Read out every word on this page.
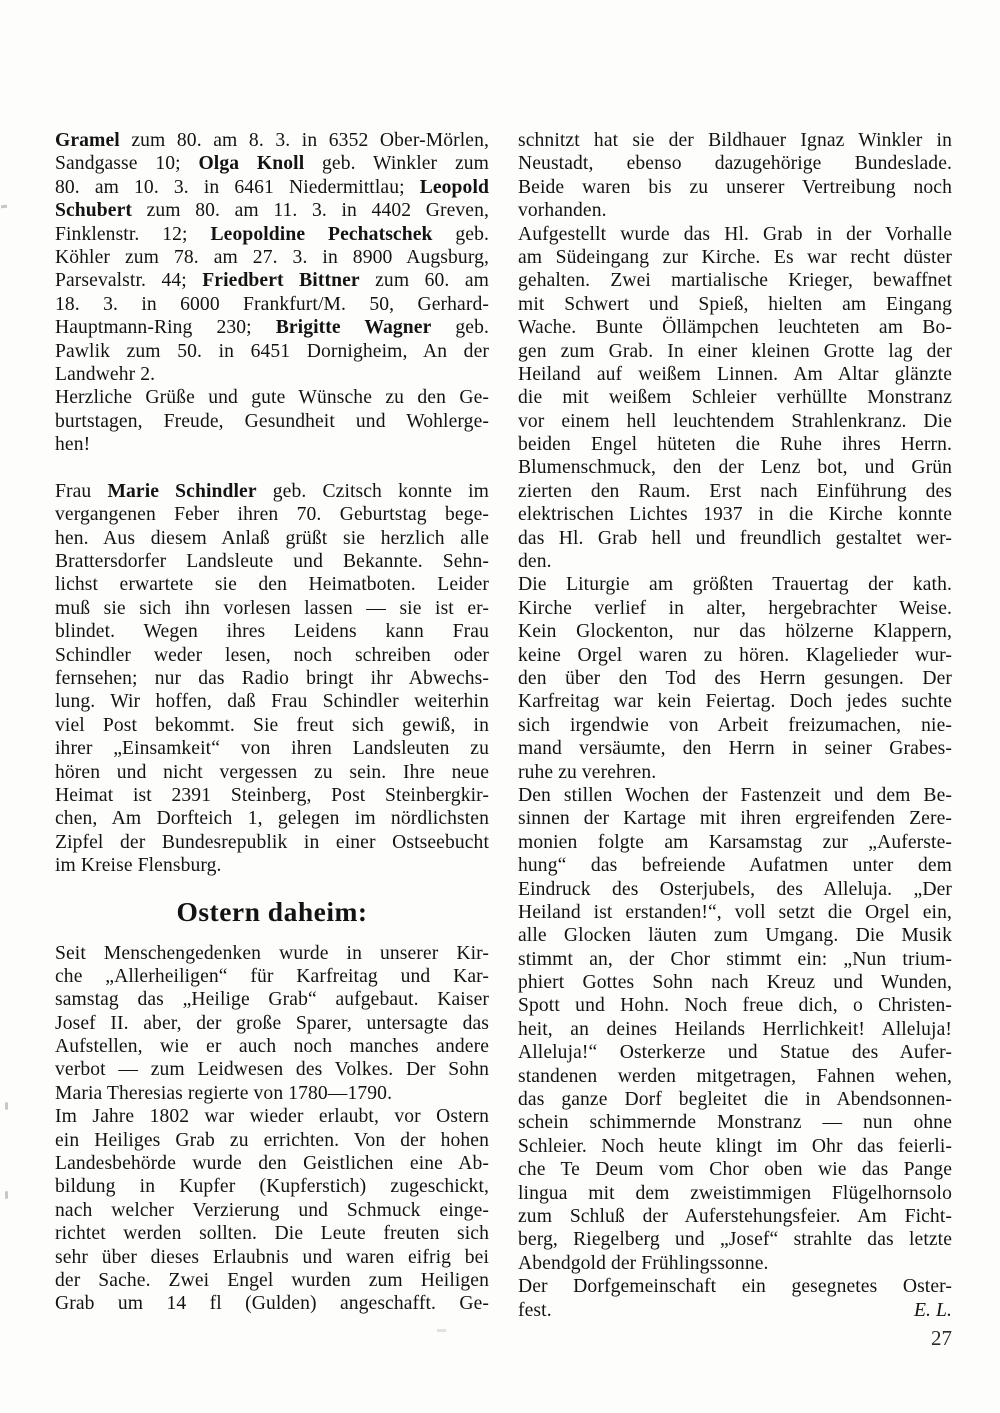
Gramel zum 80. am 8. 3. in 6352 Ober-Mörlen,
Sandgasse 10; Olga Knoll geb. Winkler zum
80. am 10. 3. in 6461 Niedermittlau; Leopold
Schubert zum 80. am 11. 3. in 4402 Greven,
Finklenstr. 12; Leopoldine Pechatschek geb.
Köhler zum 78. am 27. 3. in 8900 Augsburg,
Parsevalstr. 44; Friedbert Bittner zum 60. am
18. 3. in 6000 Frankfurt/M. 50, Gerhard-
Hauptmann-Ring 230; Brigitte Wagner geb.
Pawlik zum 50. in 6451 Dornigheim, An der
Landwehr 2.
Herzliche Grüße und gute Wünsche zu den Ge-
burtstagen, Freude, Gesundheit und Wohlerge-
hen!
Frau Marie Schindler geb. Czitsch konnte im
vergangenen Feber ihren 70. Geburtstag bege-
hen. Aus diesem Anlaß grüßt sie herzlich alle
Brattersdorfer Landsleute und Bekannte. Sehn-
lichst erwartete sie den Heimatboten. Leider
muß sie sich ihn vorlesen lassen — sie ist er-
blindet. Wegen ihres Leidens kann Frau
Schindler weder lesen, noch schreiben oder
fernsehen; nur das Radio bringt ihr Abwechs-
lung. Wir hoffen, daß Frau Schindler weiterhin
viel Post bekommt. Sie freut sich gewiß, in
ihrer „Einsamkeit“ von ihren Landsleuten zu
hören und nicht vergessen zu sein. Ihre neue
Heimat ist 2391 Steinberg, Post Steinbergkir-
chen, Am Dorfteich 1, gelegen im nördlichsten
Zipfel der Bundesrepublik in einer Ostseebucht
im Kreise Flensburg.
Ostern daheim:
Seit Menschengedenken wurde in unserer Kir-
che „Allerheiligen“ für Karfreitag und Kar-
samstag das „Heilige Grab“ aufgebaut. Kaiser
Josef II. aber, der große Sparer, untersagte das
Aufstellen, wie er auch noch manches andere
verbot — zum Leidwesen des Volkes. Der Sohn
Maria Theresias regierte von 1780—1790.
Im Jahre 1802 war wieder erlaubt, vor Ostern
ein Heiliges Grab zu errichten. Von der hohen
Landesbehörde wurde den Geistlichen eine Ab-
bildung in Kupfer (Kupferstich) zugeschickt,
nach welcher Verzierung und Schmuck einge-
richtet werden sollten. Die Leute freuten sich
sehr über dieses Erlaubnis und waren eifrig bei
der Sache. Zwei Engel wurden zum Heiligen
Grab um 14 fl (Gulden) angeschafft. Ge-
schnitzt hat sie der Bildhauer Ignaz Winkler in
Neustadt, ebenso dazugehörige Bundeslade.
Beide waren bis zu unserer Vertreibung noch
vorhanden.
Aufgestellt wurde das Hl. Grab in der Vorhalle
am Südeingang zur Kirche. Es war recht düster
gehalten. Zwei martialische Krieger, bewaffnet
mit Schwert und Spieß, hielten am Eingang
Wache. Bunte Öllämpchen leuchteten am Bo-
gen zum Grab. In einer kleinen Grotte lag der
Heiland auf weißem Linnen. Am Altar glänzte
die mit weißem Schleier verhüllte Monstranz
vor einem hell leuchtendem Strahlenkranz. Die
beiden Engel hüteten die Ruhe ihres Herrn.
Blumenschmuck, den der Lenz bot, und Grün
zierten den Raum. Erst nach Einführung des
elektrischen Lichtes 1937 in die Kirche konnte
das Hl. Grab hell und freundlich gestaltet wer-
den.
Die Liturgie am größten Trauertag der kath.
Kirche verlief in alter, hergebrachter Weise.
Kein Glockenton, nur das hölzerne Klappern,
keine Orgel waren zu hören. Klagelieder wur-
den über den Tod des Herrn gesungen. Der
Karfreitag war kein Feiertag. Doch jedes suchte
sich irgendwie von Arbeit freizumachen, nie-
mand versäumte, den Herrn in seiner Grabes-
ruhe zu verehren.
Den stillen Wochen der Fastenzeit und dem Be-
sinnen der Kartage mit ihren ergreifenden Zere-
monien folgte am Karsamstag zur „Auferste-
hung“ das befreiende Aufatmen unter dem
Eindruck des Osterjubels, des Alleluja. „Der
Heiland ist erstanden!“, voll setzt die Orgel ein,
alle Glocken läuten zum Umgang. Die Musik
stimmt an, der Chor stimmt ein: „Nun trium-
phiert Gottes Sohn nach Kreuz und Wunden,
Spott und Hohn. Noch freue dich, o Christen-
heit, an deines Heilands Herrlichkeit! Alleluja!
Alleluja!“ Osterkerze und Statue des Aufer-
standenen werden mitgetragen, Fahnen wehen,
das ganze Dorf begleitet die in Abendsonnen-
schein schimmernde Monstranz — nun ohne
Schleier. Noch heute klingt im Ohr das feierli-
che Te Deum vom Chor oben wie das Pange
lingua mit dem zweistimmigen Flügelhornsolo
zum Schluß der Auferstehungsfeier. Am Ficht-
berg, Riegelberg und „Josef“ strahlte das letzte
Abendgold der Frühlingssonne.
Der Dorfgemeinschaft ein gesegnetes Oster-
fest.	E. L.
27
